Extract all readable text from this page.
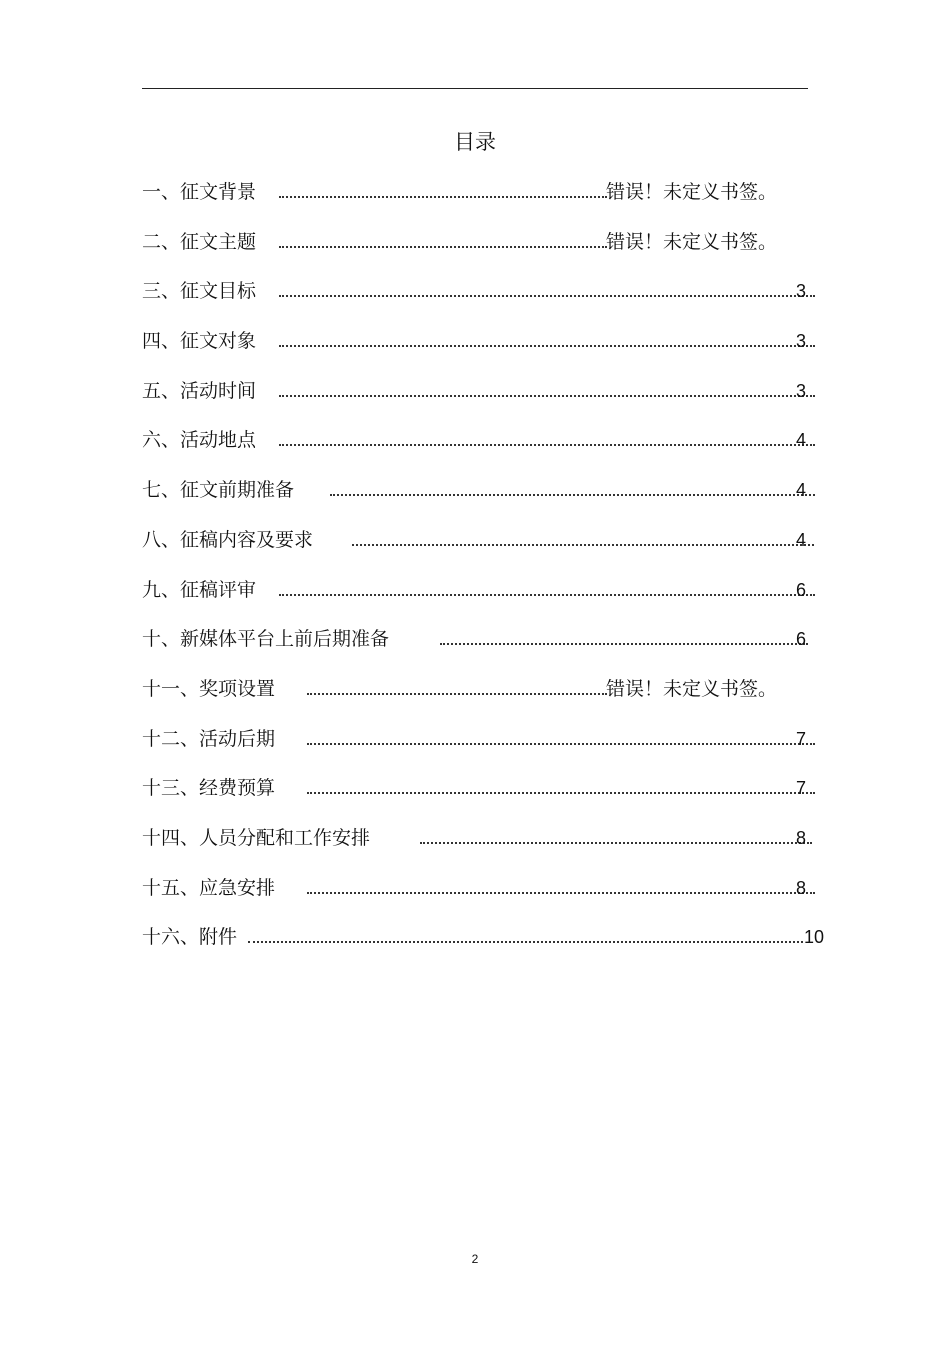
目录
一、征文背景	错误！未定义书签。
二、征文主题	错误！未定义书签。
三、征文目标	3
四、征文对象	3
五、活动时间	3
六、活动地点	4
七、征文前期准备	4
八、征稿内容及要求	4
九、征稿评审	6
十、新媒体平台上前后期准备	6
十一、奖项设置	错误！未定义书签。
十二、活动后期	7
十三、经费预算	7
十四、人员分配和工作安排	8
十五、应急安排	8
十六、附件	10
2
